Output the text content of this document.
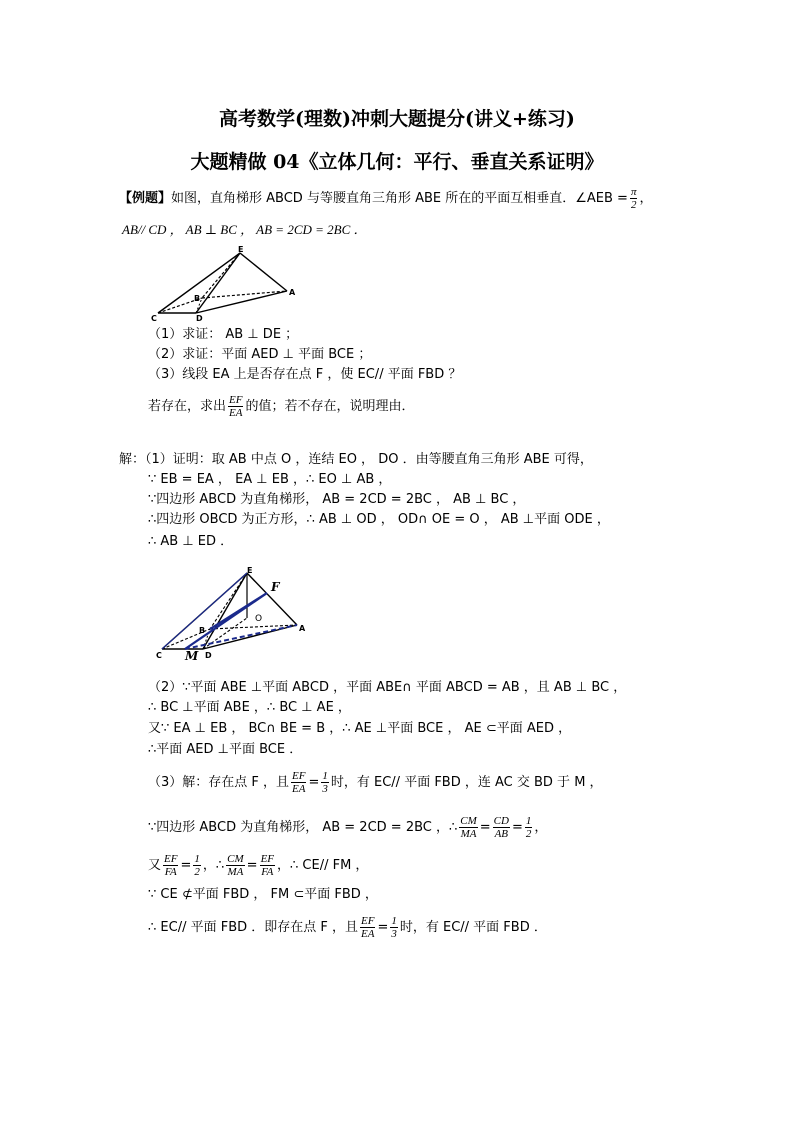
高考数学(理数)冲刺大题提分(讲义+练习)
大题精做 04《立体几何：平行、垂直关系证明》
【例题】如图，直角梯形 ABCD 与等腰直角三角形 ABE 所在的平面互相垂直．∠AEB = $\frac{\pi}{2}$ ，
AB// CD ， AB ⊥ BC ， AB = 2CD = 2BC ．
E
A
B
C	D
（1）求证： AB ⊥ DE ；
（2）求证：平面 AED ⊥ 平面 BCE ；
（3）线段 EA 上是否存在点 F ，使 EC// 平面 FBD ？
若存在，求出 $\frac{EF}{EA}$ 的值；若不存在，说明理由．
解：（1）证明：取 AB 中点 O ，连结 EO ， DO ．由等腰直角三角形 ABE 可得，
∵ EB = EA ， EA ⊥ EB ，∴ EO ⊥ AB ，
∵四边形 ABCD 为直角梯形， AB = 2CD = 2BC ， AB ⊥ BC ，
∴四边形 OBCD 为正方形，∴ AB ⊥ OD ， OD∩ OE = O ， AB ⊥平面 ODE ，
∴ AB ⊥ ED ．
E
F
O
A
B
C	D
M
（2）∵平面 ABE ⊥平面 ABCD ，平面 ABE∩ 平面 ABCD = AB ，且 AB ⊥ BC ，
∴ BC ⊥平面 ABE ，∴ BC ⊥ AE ，
又∵ EA ⊥ EB ， BC∩ BE = B ，∴ AE ⊥平面 BCE ， AE ⊂平面 AED ，
∴平面 AED ⊥平面 BCE ．
（3）解：存在点 F ，且 $\frac{EF}{EA} = \frac{1}{3}$ 时，有 EC// 平面 FBD ，连 AC 交 BD 于 M ，
∵四边形 ABCD 为直角梯形， AB = 2CD = 2BC ，∴ $\frac{CM}{MA} = \frac{CD}{AB} = \frac{1}{2}$ ，
又 $\frac{EF}{FA} = \frac{1}{2}$ ，∴ $\frac{CM}{MA} = \frac{EF}{FA}$ ，∴ CE// FM ，
∵ CE ⊄平面 FBD ， FM ⊂平面 FBD ，
∴ EC// 平面 FBD ．即存在点 F ，且 $\frac{EF}{EA} = \frac{1}{3}$ 时，有 EC// 平面 FBD ．
